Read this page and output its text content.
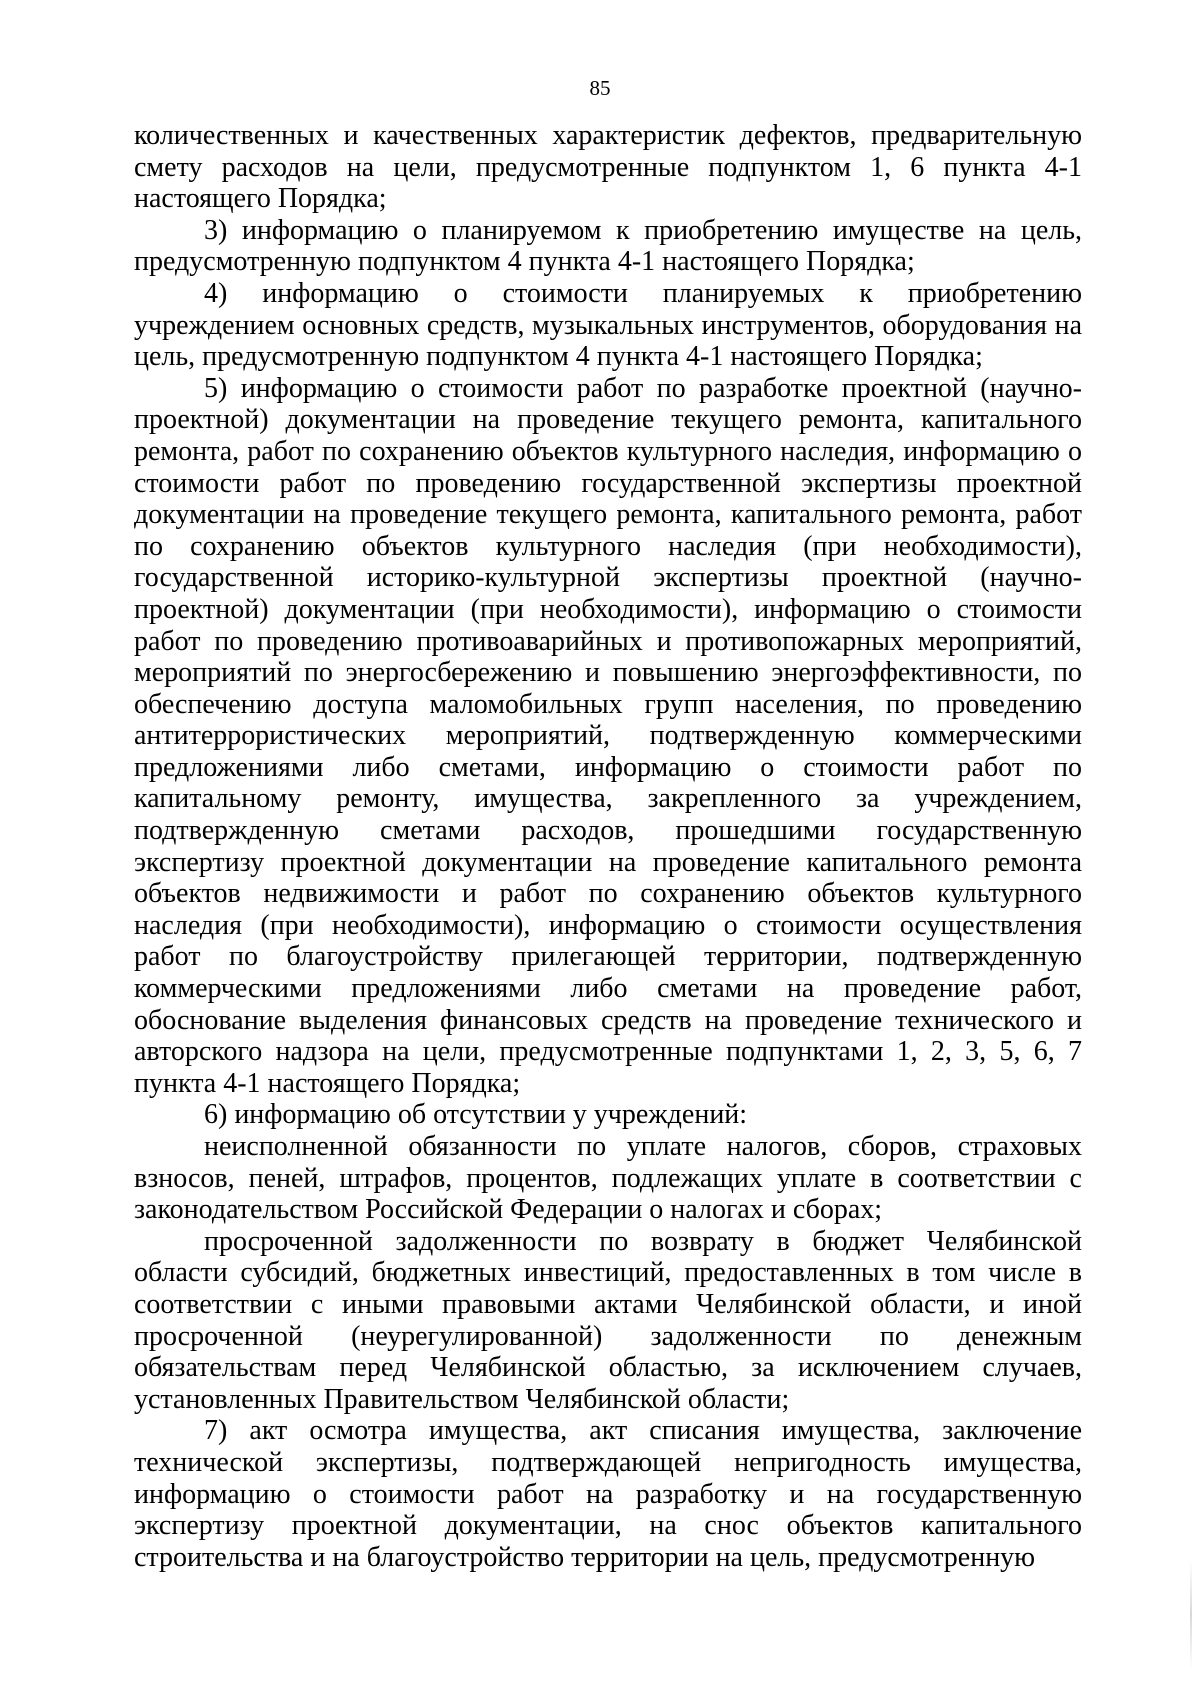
85

количественных и качественных характеристик дефектов, предварительную смету расходов на цели, предусмотренные подпунктом 1, 6 пункта 4-1 настоящего Порядка;

3) информацию о планируемом к приобретению имуществе на цель, предусмотренную подпунктом 4 пункта 4-1 настоящего Порядка;

4) информацию о стоимости планируемых к приобретению учреждением основных средств, музыкальных инструментов, оборудования на цель, предусмотренную подпунктом 4 пункта 4-1 настоящего Порядка;

5) информацию о стоимости работ по разработке проектной (научно-проектной) документации на проведение текущего ремонта, капитального ремонта, работ по сохранению объектов культурного наследия, информацию о стоимости работ по проведению государственной экспертизы проектной документации на проведение текущего ремонта, капитального ремонта, работ по сохранению объектов культурного наследия (при необходимости), государственной историко-культурной экспертизы проектной (научно-проектной) документации (при необходимости), информацию о стоимости работ по проведению противоаварийных и противопожарных мероприятий, мероприятий по энергосбережению и повышению энергоэффективности, по обеспечению доступа маломобильных групп населения, по проведению антитеррористических мероприятий, подтвержденную коммерческими предложениями либо сметами, информацию о стоимости работ по капитальному ремонту, имущества, закрепленного за учреждением, подтвержденную сметами расходов, прошедшими государственную экспертизу проектной документации на проведение капитального ремонта объектов недвижимости и работ по сохранению объектов культурного наследия (при необходимости), информацию о стоимости осуществления работ по благоустройству прилегающей территории, подтвержденную коммерческими предложениями либо сметами на проведение работ, обоснование выделения финансовых средств на проведение технического и авторского надзора на цели, предусмотренные подпунктами 1, 2, 3, 5, 6, 7 пункта 4-1 настоящего Порядка;

6) информацию об отсутствии у учреждений:

неисполненной обязанности по уплате налогов, сборов, страховых взносов, пеней, штрафов, процентов, подлежащих уплате в соответствии с законодательством Российской Федерации о налогах и сборах;

просроченной задолженности по возврату в бюджет Челябинской области субсидий, бюджетных инвестиций, предоставленных в том числе в соответствии с иными правовыми актами Челябинской области, и иной просроченной (неурегулированной) задолженности по денежным обязательствам перед Челябинской областью, за исключением случаев, установленных Правительством Челябинской области;

7) акт осмотра имущества, акт списания имущества, заключение технической экспертизы, подтверждающей непригодность имущества, информацию о стоимости работ на разработку и на государственную экспертизу проектной документации, на снос объектов капитального строительства и на благоустройство территории на цель, предусмотренную
